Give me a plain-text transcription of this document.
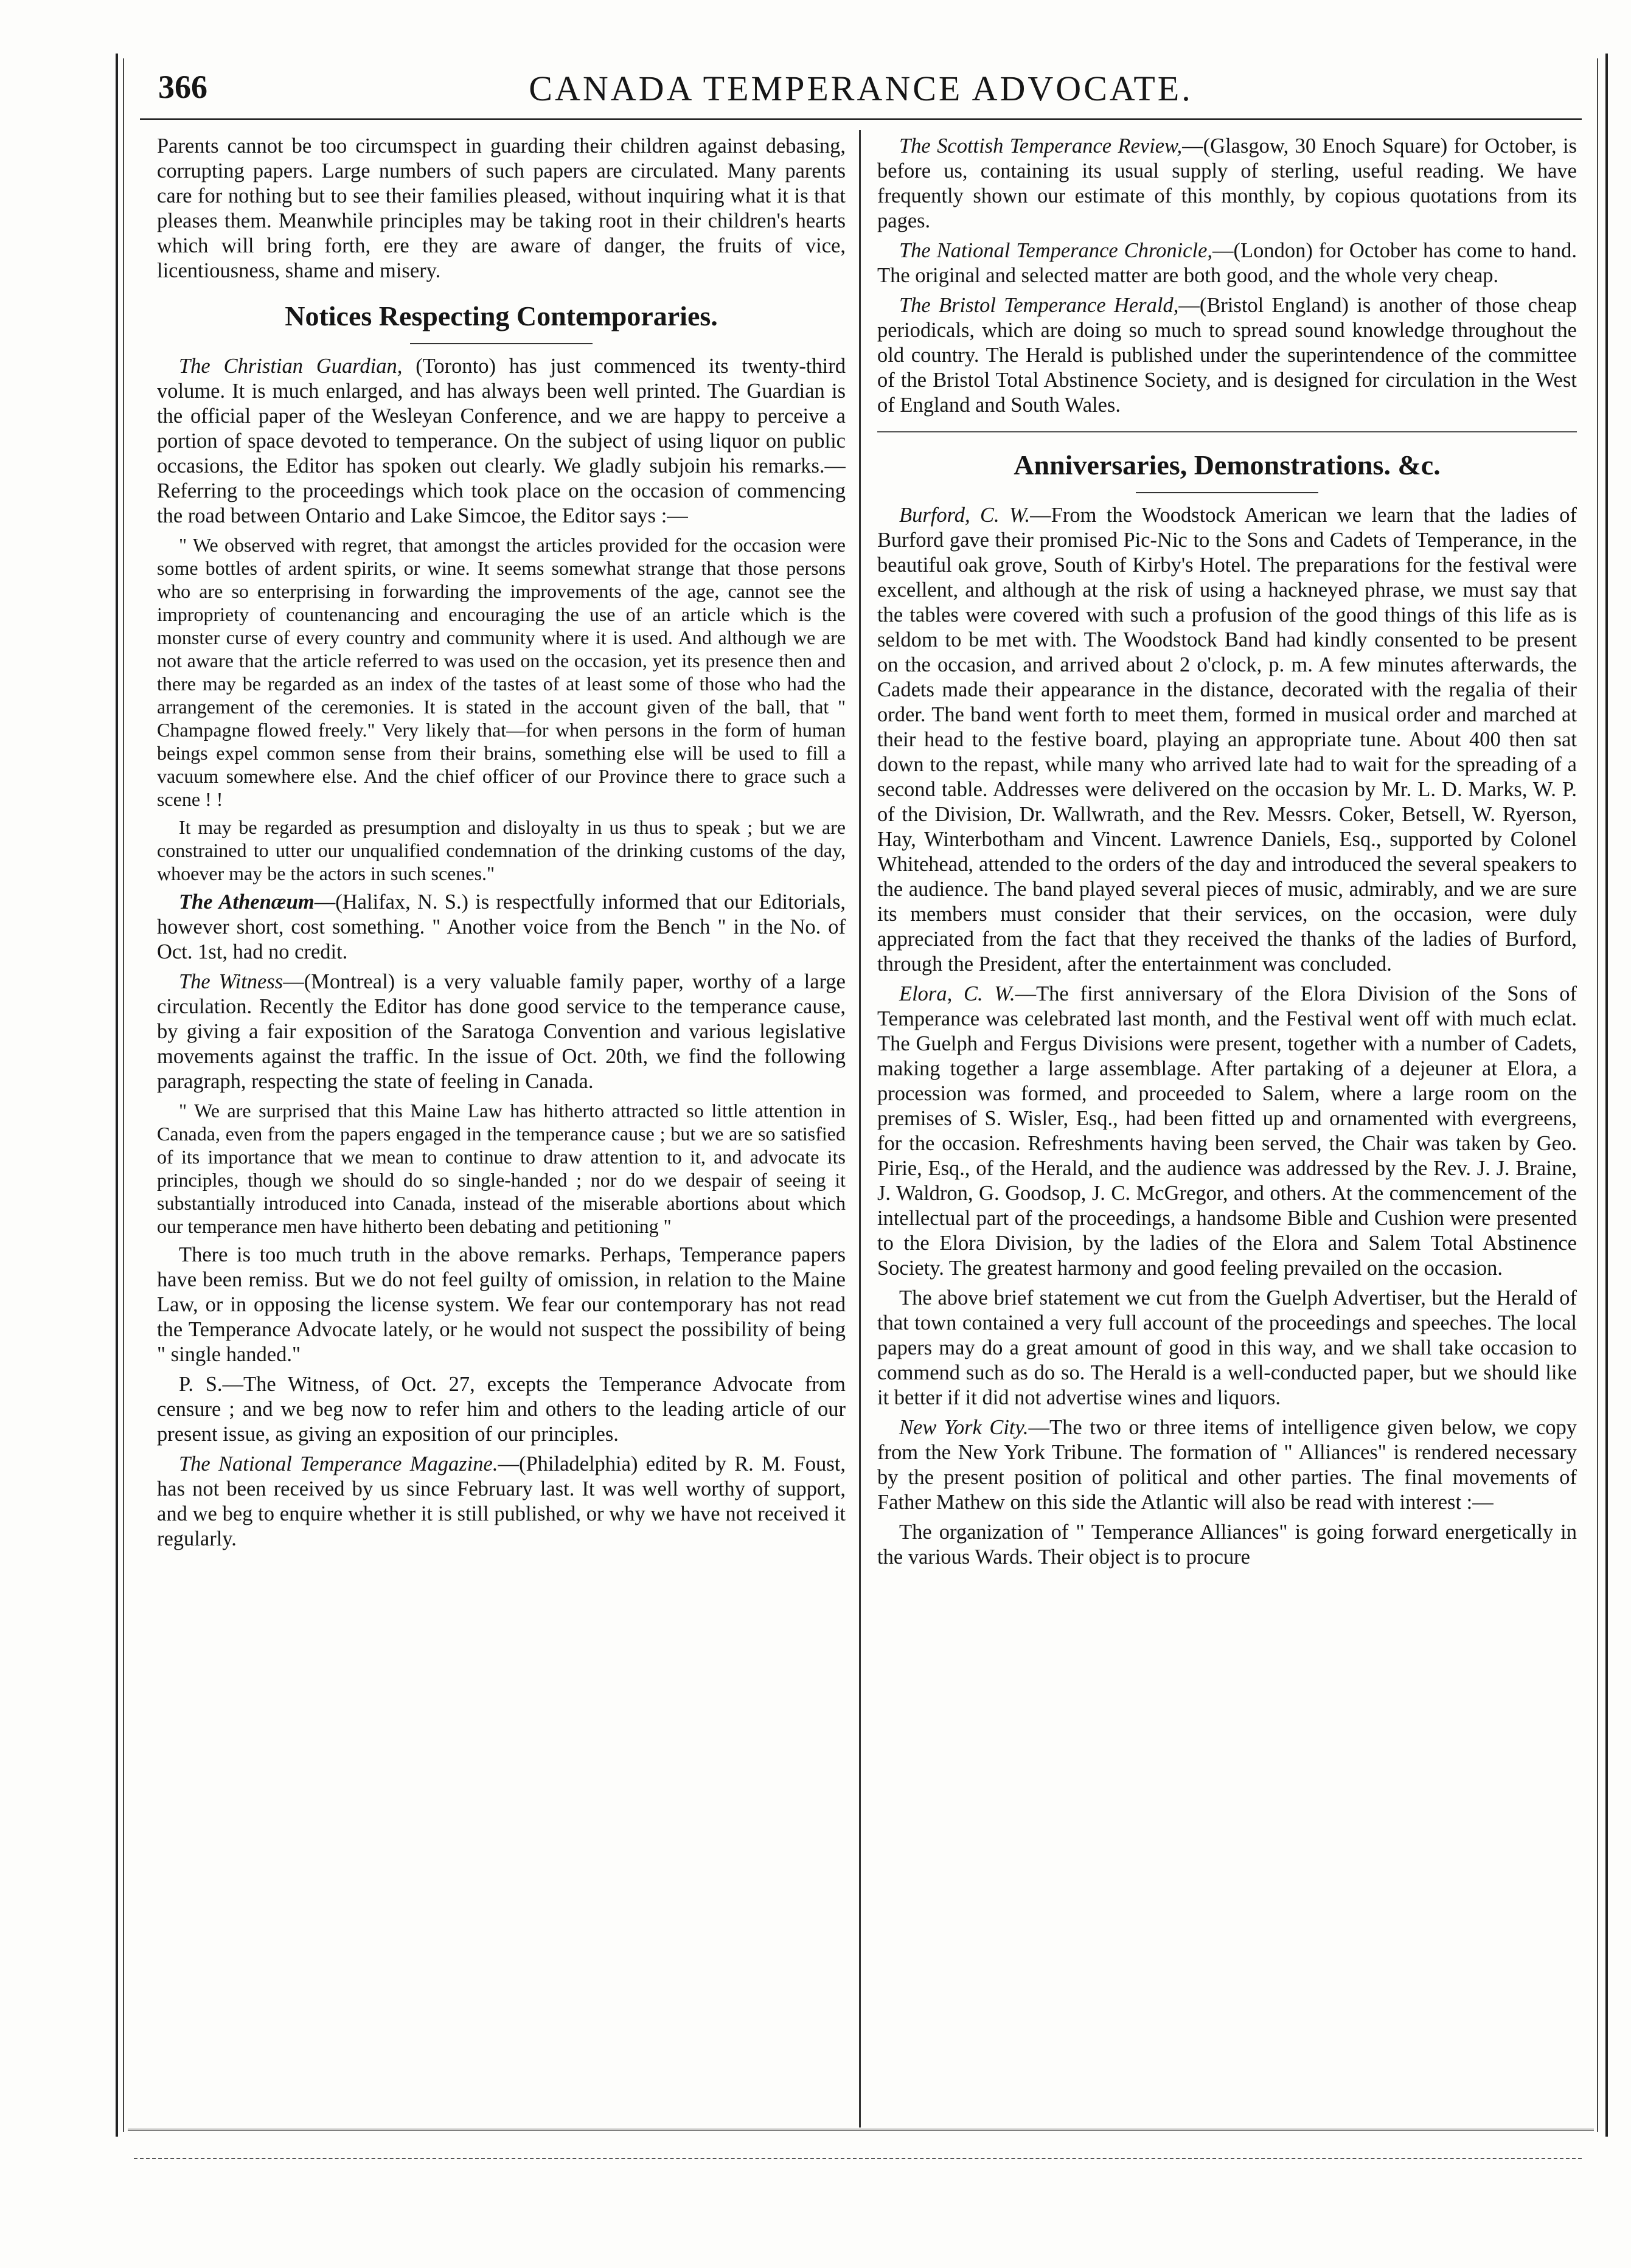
366	CANADA TEMPERANCE ADVOCATE.

Parents cannot be too circumspect in guarding their children against debasing, corrupting papers. Large numbers of such papers are circulated. Many parents care for nothing but to see their families pleased, without inquiring what it is that pleases them. Meanwhile principles may be taking root in their children's hearts which will bring forth, ere they are aware of danger, the fruits of vice, licentiousness, shame and misery.

Notices Respecting Contemporaries.

The Christian Guardian, (Toronto) has just commenced its twenty-third volume. It is much enlarged, and has always been well printed. The Guardian is the official paper of the Wesleyan Conference, and we are happy to perceive a portion of space devoted to temperance. On the subject of using liquor on public occasions, the Editor has spoken out clearly. We gladly subjoin his remarks.—Referring to the proceedings which took place on the occasion of commencing the road between Ontario and Lake Simcoe, the Editor says :—

" We observed with regret, that amongst the articles provided for the occasion were some bottles of ardent spirits, or wine. It seems somewhat strange that those persons who are so enterprising in forwarding the improvements of the age, cannot see the impropriety of countenancing and encouraging the use of an article which is the monster curse of every country and community where it is used. And although we are not aware that the article referred to was used on the occasion, yet its presence then and there may be regarded as an index of the tastes of at least some of those who had the arrangement of the ceremonies. It is stated in the account given of the ball, that " Champagne flowed freely." Very likely that—for when persons in the form of human beings expel common sense from their brains, something else will be used to fill a vacuum somewhere else. And the chief officer of our Province there to grace such a scene ! !

It may be regarded as presumption and disloyalty in us thus to speak ; but we are constrained to utter our unqualified condemnation of the drinking customs of the day, whoever may be the actors in such scenes."

The Athenæum—(Halifax, N. S.) is respectfully informed that our Editorials, however short, cost something. " Another voice from the Bench " in the No. of Oct. 1st, had no credit.

The Witness—(Montreal) is a very valuable family paper, worthy of a large circulation. Recently the Editor has done good service to the temperance cause, by giving a fair exposition of the Saratoga Convention and various legislative movements against the traffic. In the issue of Oct. 20th, we find the following paragraph, respecting the state of feeling in Canada.

" We are surprised that this Maine Law has hitherto attracted so little attention in Canada, even from the papers engaged in the temperance cause ; but we are so satisfied of its importance that we mean to continue to draw attention to it, and advocate its principles, though we should do so single-handed ; nor do we despair of seeing it substantially introduced into Canada, instead of the miserable abortions about which our temperance men have hitherto been debating and petitioning "

There is too much truth in the above remarks. Perhaps, Temperance papers have been remiss. But we do not feel guilty of omission, in relation to the Maine Law, or in opposing the license system. We fear our contemporary has not read the Temperance Advocate lately, or he would not suspect the possibility of being " single handed."

P. S.—The Witness, of Oct. 27, excepts the Temperance Advocate from censure ; and we beg now to refer him and others to the leading article of our present issue, as giving an exposition of our principles.

The National Temperance Magazine.—(Philadelphia) edited by R. M. Foust, has not been received by us since February last. It was well worthy of support, and we beg to enquire whether it is still published, or why we have not received it regularly.

The Scottish Temperance Review,—(Glasgow, 30 Enoch Square) for October, is before us, containing its usual supply of sterling, useful reading. We have frequently shown our estimate of this monthly, by copious quotations from its pages.

The National Temperance Chronicle,—(London) for October has come to hand. The original and selected matter are both good, and the whole very cheap.

The Bristol Temperance Herald,—(Bristol England) is another of those cheap periodicals, which are doing so much to spread sound knowledge throughout the old country. The Herald is published under the superintendence of the committee of the Bristol Total Abstinence Society, and is designed for circulation in the West of England and South Wales.

Anniversaries, Demonstrations. &c.

Burford, C. W.—From the Woodstock American we learn that the ladies of Burford gave their promised Pic-Nic to the Sons and Cadets of Temperance, in the beautiful oak grove, South of Kirby's Hotel. The preparations for the festival were excellent, and although at the risk of using a hackneyed phrase, we must say that the tables were covered with such a profusion of the good things of this life as is seldom to be met with. The Woodstock Band had kindly consented to be present on the occasion, and arrived about 2 o'clock, p. m. A few minutes afterwards, the Cadets made their appearance in the distance, decorated with the regalia of their order. The band went forth to meet them, formed in musical order and marched at their head to the festive board, playing an appropriate tune. About 400 then sat down to the repast, while many who arrived late had to wait for the spreading of a second table. Addresses were delivered on the occasion by Mr. L. D. Marks, W. P. of the Division, Dr. Wallwrath, and the Rev. Messrs. Coker, Betsell, W. Ryerson, Hay, Winterbotham and Vincent. Lawrence Daniels, Esq., supported by Colonel Whitehead, attended to the orders of the day and introduced the several speakers to the audience. The band played several pieces of music, admirably, and we are sure its members must consider that their services, on the occasion, were duly appreciated from the fact that they received the thanks of the ladies of Burford, through the President, after the entertainment was concluded.

Elora, C. W.—The first anniversary of the Elora Division of the Sons of Temperance was celebrated last month, and the Festival went off with much eclat. The Guelph and Fergus Divisions were present, together with a number of Cadets, making together a large assemblage. After partaking of a dejeuner at Elora, a procession was formed, and proceeded to Salem, where a large room on the premises of S. Wisler, Esq., had been fitted up and ornamented with evergreens, for the occasion. Refreshments having been served, the Chair was taken by Geo. Pirie, Esq., of the Herald, and the audience was addressed by the Rev. J. J. Braine, J. Waldron, G. Goodsop, J. C. McGregor, and others. At the commencement of the intellectual part of the proceedings, a handsome Bible and Cushion were presented to the Elora Division, by the ladies of the Elora and Salem Total Abstinence Society. The greatest harmony and good feeling prevailed on the occasion.

The above brief statement we cut from the Guelph Advertiser, but the Herald of that town contained a very full account of the proceedings and speeches. The local papers may do a great amount of good in this way, and we shall take occasion to commend such as do so. The Herald is a well-conducted paper, but we should like it better if it did not advertise wines and liquors.

New York City.—The two or three items of intelligence given below, we copy from the New York Tribune. The formation of " Alliances" is rendered necessary by the present position of political and other parties. The final movements of Father Mathew on this side the Atlantic will also be read with interest :—

The organization of " Temperance Alliances" is going forward energetically in the various Wards. Their object is to procure
